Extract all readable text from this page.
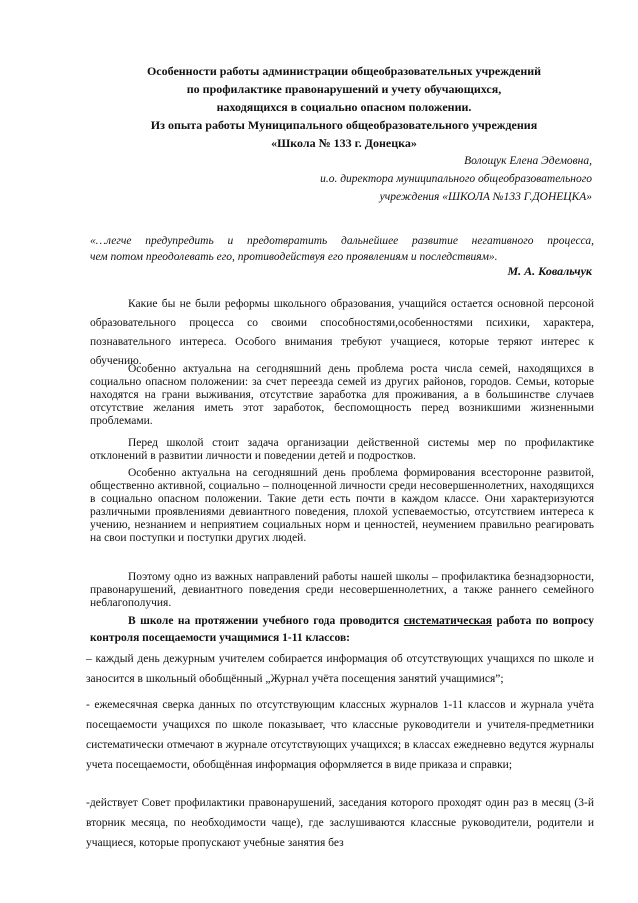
Особенности работы администрации общеобразовательных учреждений
по профилактике правонарушений и учету обучающихся,
находящихся в социально опасном положении.
Из опыта работы Муниципального общеобразовательного учреждения
«Школа № 133 г. Донецка»
Волощук Елена Эдемовна,
и.о. директора муниципального общеобразовательного
учреждения «ШКОЛА №133 Г.ДОНЕЦКА»
«…легче предупредить и предотвратить дальнейшее развитие негативного процесса,
чем потом преодолевать его, противодействуя его проявлениям и последствиям».
М. А. Ковальчук
Какие бы не были реформы школьного образования, учащийся остается основной персоной образовательного процесса со своими способностями,особенностями психики, характера, познавательного интереса. Особого внимания требуют учащиеся, которые теряют интерес к обучению.
Особенно актуальна на сегодняшний день проблема роста числа семей, находящихся в социально опасном положении: за счет переезда семей из других районов, городов. Семьи, которые находятся на грани выживания, отсутствие заработка для проживания, а в большинстве случаев отсутствие желания иметь этот заработок, беспомощность перед возникшими жизненными проблемами.
Перед школой стоит задача организации действенной системы мер по профилактике отклонений в развитии личности и поведении детей и подростков.
Особенно актуальна на сегодняшний день проблема формирования всесторонне развитой, общественно активной, социально – полноценной личности среди несовершеннолетних, находящихся в социально опасном положении. Такие дети есть почти в каждом классе. Они характеризуются различными проявлениями девиантного поведения, плохой успеваемостью, отсутствием интереса к учению, незнанием и неприятием социальных норм и ценностей, неумением правильно реагировать на свои поступки и поступки других людей.
Поэтому одно из важных направлений работы нашей школы – профилактика безнадзорности, правонарушений, девиантного поведения среди несовершеннолетних, а также раннего семейного неблагополучия.
В школе на протяжении учебного года проводится систематическая работа по вопросу контроля посещаемости учащимися 1-11 классов:
– каждый день дежурным учителем собирается информация об отсутствующих учащихся по школе и заносится в школьный обобщённый „Журнал учёта посещения занятий учащимися”;
- ежемесячная сверка данных по отсутствующим классных журналов 1-11 классов и журнала учёта посещаемости учащихся по школе показывает, что классные руководители и учителя-предметники систематически отмечают в журнале отсутствующих учащихся; в классах ежедневно ведутся журналы учета посещаемости, обобщённая информация оформляется в виде приказа и справки;
-действует Совет профилактики правонарушений, заседания которого проходят один раз в месяц (3-й вторник месяца, по необходимости чаще), где заслушиваются классные руководители, родители и учащиеся, которые пропускают учебные занятия без
